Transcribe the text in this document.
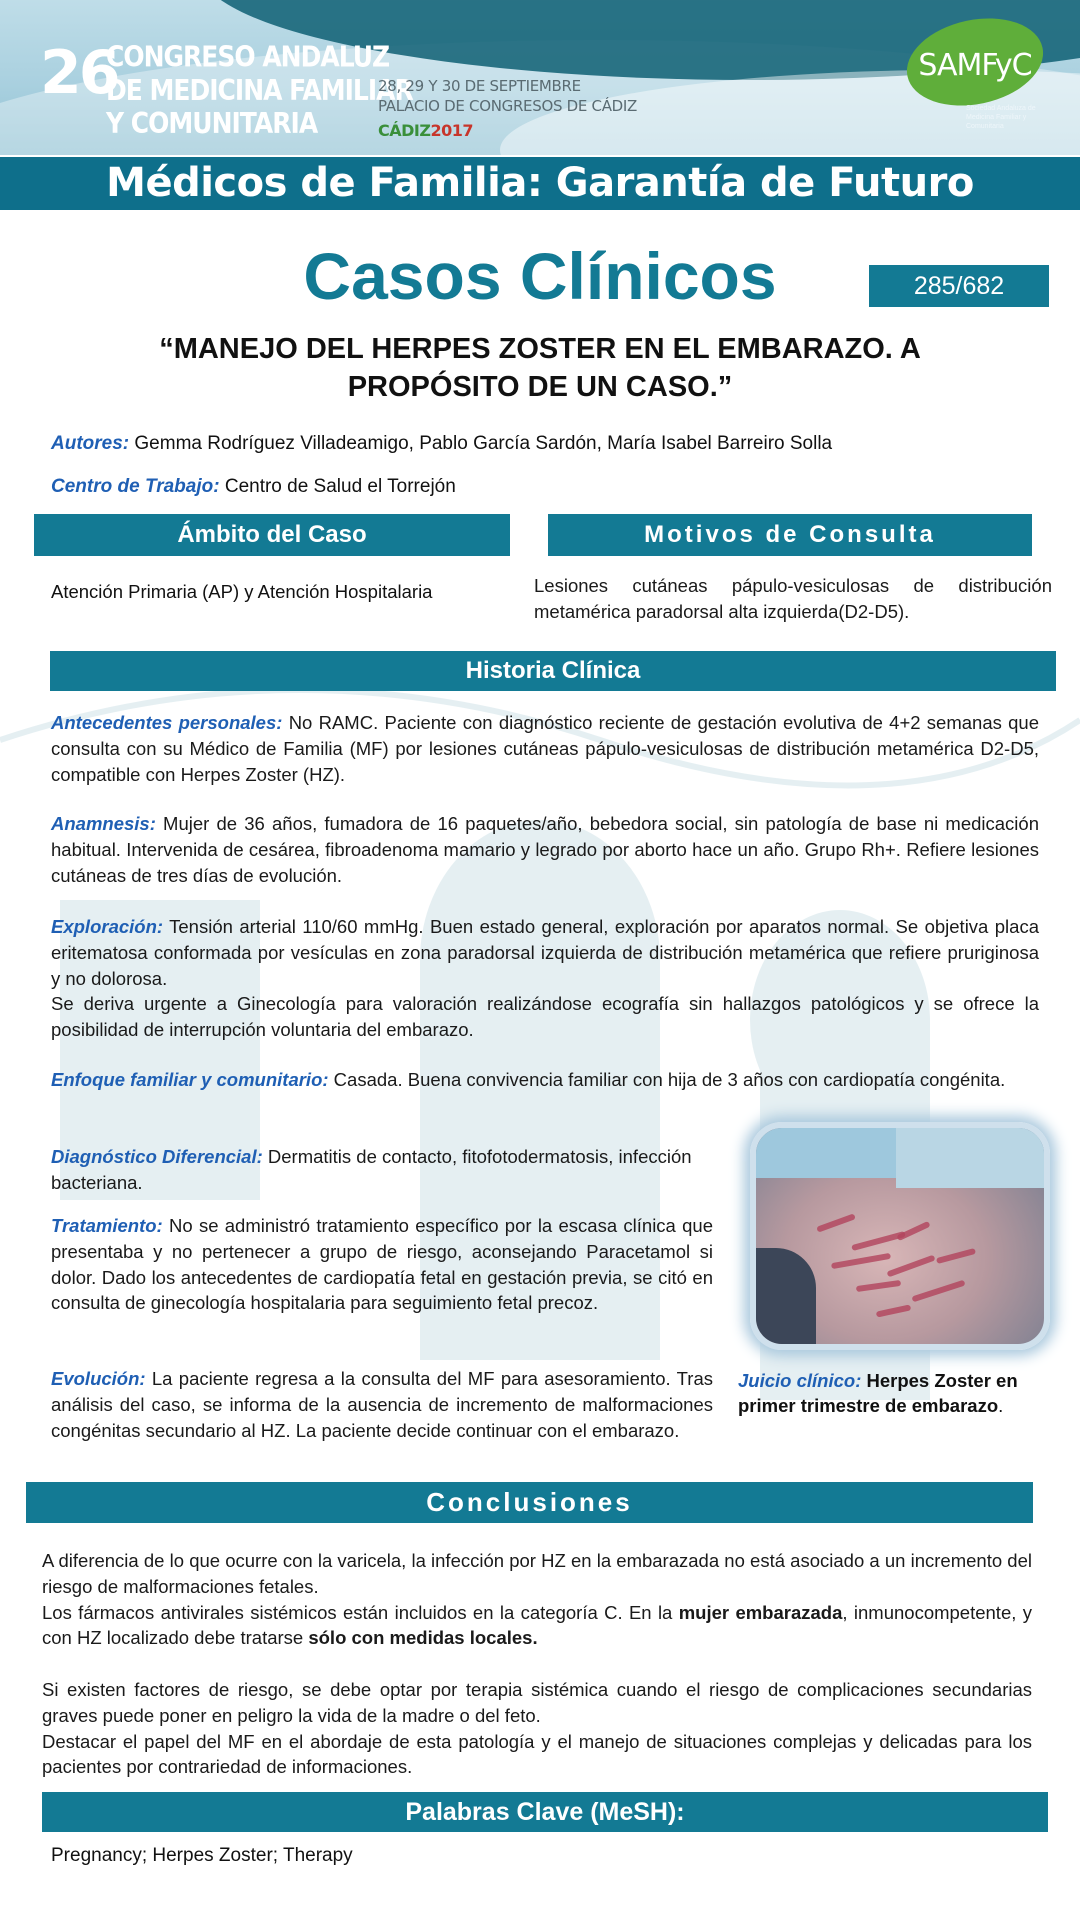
26
CONGRESO ANDALUZ
DE MEDICINA FAMILIAR
Y COMUNITARIA
28, 29 Y 30 DE SEPTIEMBRE
PALACIO DE CONGRESOS DE CÁDIZ
CÁDIZ2017
SAMFyC
Sociedad Andaluza de Medicina Familiar y Comunitaria
Médicos de Familia: Garantía de Futuro
Casos Clínicos	285/682
“MANEJO DEL HERPES ZOSTER EN EL EMBARAZO. A
PROPÓSITO DE UN CASO.”
Autores: Gemma Rodríguez Villadeamigo, Pablo García Sardón, María Isabel Barreiro Solla
Centro de Trabajo: Centro de Salud el Torrejón
Ámbito del Caso	Motivos de Consulta
Atención Primaria (AP) y Atención Hospitalaria	Lesiones cutáneas pápulo-vesiculosas de distribución metamérica paradorsal alta izquierda(D2-D5).
Historia Clínica
Antecedentes personales: No RAMC. Paciente con diagnóstico reciente de gestación evolutiva de 4+2 semanas que consulta con su Médico de Familia (MF) por lesiones cutáneas pápulo-vesiculosas de distribución metamérica D2-D5, compatible con Herpes Zoster (HZ).
Anamnesis: Mujer de 36 años, fumadora de 16 paquetes/año, bebedora social, sin patología de base ni medicación habitual. Intervenida de cesárea, fibroadenoma mamario y legrado por aborto hace un año. Grupo Rh+. Refiere lesiones cutáneas de tres días de evolución.
Exploración: Tensión arterial 110/60 mmHg. Buen estado general, exploración por aparatos normal. Se objetiva placa eritematosa conformada por vesículas en zona paradorsal izquierda de distribución metamérica que refiere pruriginosa y no dolorosa.
Se deriva urgente a Ginecología para valoración realizándose ecografía sin hallazgos patológicos y se ofrece la posibilidad de interrupción voluntaria del embarazo.
Enfoque familiar y comunitario: Casada. Buena convivencia familiar con hija de 3 años con cardiopatía congénita.
Diagnóstico Diferencial: Dermatitis de contacto, fitofotodermatosis, infección bacteriana.
Tratamiento: No se administró tratamiento específico por la escasa clínica que presentaba y no pertenecer a grupo de riesgo, aconsejando Paracetamol si dolor. Dado los antecedentes de cardiopatía fetal en gestación previa, se citó en consulta de ginecología hospitalaria para seguimiento fetal precoz.
Evolución: La paciente regresa a la consulta del MF para asesoramiento. Tras análisis del caso, se informa de la ausencia de incremento de malformaciones congénitas secundario al HZ. La paciente decide continuar con el embarazo.
Juicio clínico: Herpes Zoster en primer trimestre de embarazo.
Conclusiones
A diferencia de lo que ocurre con la varicela, la infección por HZ en la embarazada no está asociado a un incremento del riesgo de malformaciones fetales.
Los fármacos antivirales sistémicos están incluidos en la categoría C. En la mujer embarazada, inmunocompetente, y con HZ localizado debe tratarse sólo con medidas locales.
Si existen factores de riesgo, se debe optar por terapia sistémica cuando el riesgo de complicaciones secundarias graves puede poner en peligro la vida de la madre o del feto.
Destacar el papel del MF en el abordaje de esta patología y el manejo de situaciones complejas y delicadas para los pacientes por contrariedad de informaciones.
Palabras Clave (MeSH):
Pregnancy; Herpes Zoster; Therapy
